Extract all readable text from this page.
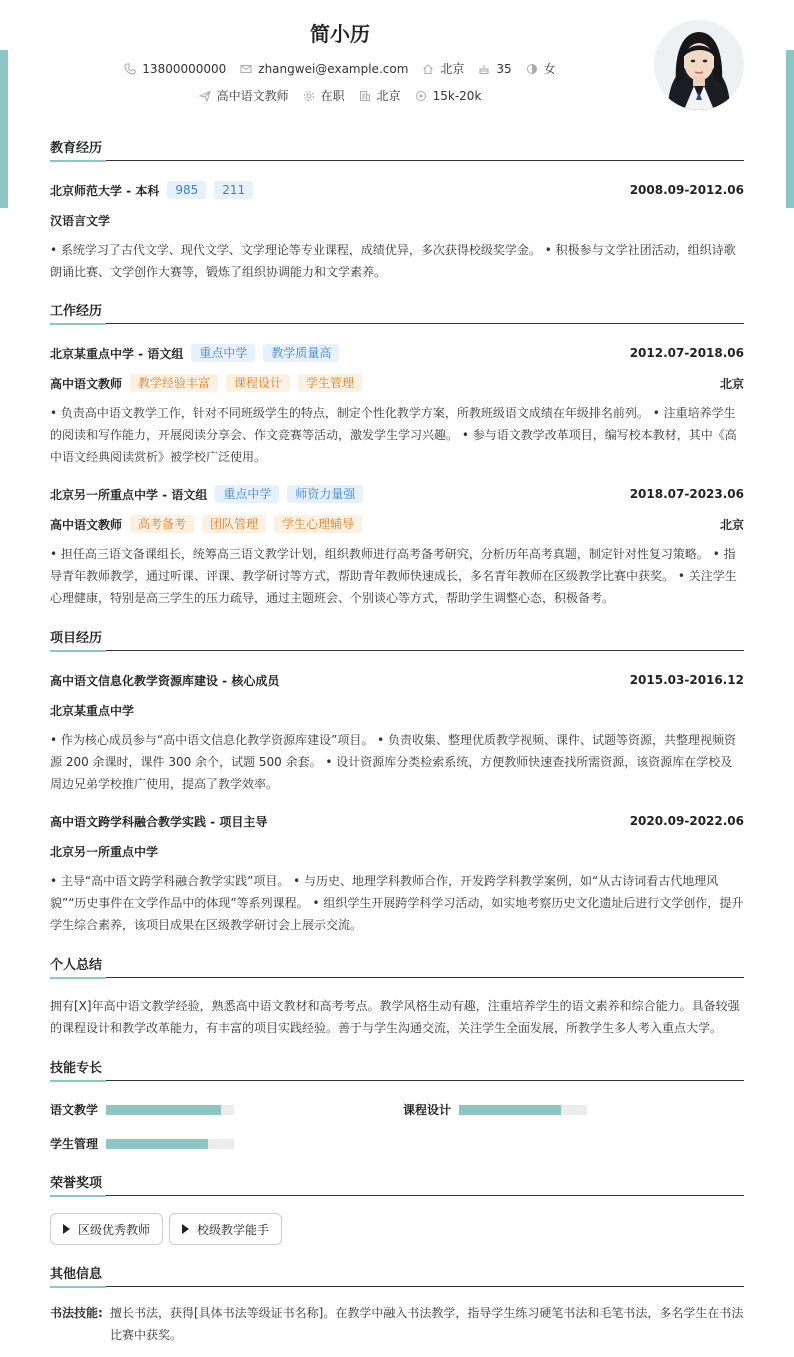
简小历
13800000000	zhangwei@example.com	北京	35	女
高中语文教师	在职	北京	15k-20k
教育经历
北京师范大学 - 本科	985	211	2008.09-2012.06
汉语言文学
• 系统学习了古代文学、现代文学、文学理论等专业课程，成绩优异，多次获得校级奖学金。 • 积极参与文学社团活动，组织诗歌朗诵比赛、文学创作大赛等，锻炼了组织协调能力和文学素养。
工作经历
北京某重点中学 - 语文组	重点中学	教学质量高	2012.07-2018.06
高中语文教师	教学经验丰富	课程设计	学生管理	北京
• 负责高中语文教学工作，针对不同班级学生的特点，制定个性化教学方案，所教班级语文成绩在年级排名前列。 • 注重培养学生的阅读和写作能力，开展阅读分享会、作文竞赛等活动，激发学生学习兴趣。 • 参与语文教学改革项目，编写校本教材，其中《高中语文经典阅读赏析》被学校广泛使用。
北京另一所重点中学 - 语文组	重点中学	师资力量强	2018.07-2023.06
高中语文教师	高考备考	团队管理	学生心理辅导	北京
• 担任高三语文备课组长，统筹高三语文教学计划，组织教师进行高考备考研究，分析历年高考真题，制定针对性复习策略。 • 指导青年教师教学，通过听课、评课、教学研讨等方式，帮助青年教师快速成长，多名青年教师在区级教学比赛中获奖。 • 关注学生心理健康，特别是高三学生的压力疏导，通过主题班会、个别谈心等方式，帮助学生调整心态，积极备考。
项目经历
高中语文信息化教学资源库建设 - 核心成员	2015.03-2016.12
北京某重点中学
• 作为核心成员参与“高中语文信息化教学资源库建设”项目。 • 负责收集、整理优质教学视频、课件、试题等资源，共整理视频资源 200 余课时，课件 300 余个，试题 500 余套。 • 设计资源库分类检索系统，方便教师快速查找所需资源，该资源库在学校及周边兄弟学校推广使用，提高了教学效率。
高中语文跨学科融合教学实践 - 项目主导	2020.09-2022.06
北京另一所重点中学
• 主导“高中语文跨学科融合教学实践”项目。 • 与历史、地理学科教师合作，开发跨学科教学案例，如“从古诗词看古代地理风貌”“历史事件在文学作品中的体现”等系列课程。 • 组织学生开展跨学科学习活动，如实地考察历史文化遗址后进行文学创作，提升学生综合素养，该项目成果在区级教学研讨会上展示交流。
个人总结
拥有[X]年高中语文教学经验，熟悉高中语文教材和高考考点。教学风格生动有趣，注重培养学生的语文素养和综合能力。具备较强的课程设计和教学改革能力，有丰富的项目实践经验。善于与学生沟通交流，关注学生全面发展，所教学生多人考入重点大学。
技能专长
语文教学	课程设计
学生管理
荣誉奖项
区级优秀教师	校级教学能手
其他信息
书法技能: 擅长书法，获得[具体书法等级证书名称]。在教学中融入书法教学，指导学生练习硬笔书法和毛笔书法，多名学生在书法比赛中获奖。
